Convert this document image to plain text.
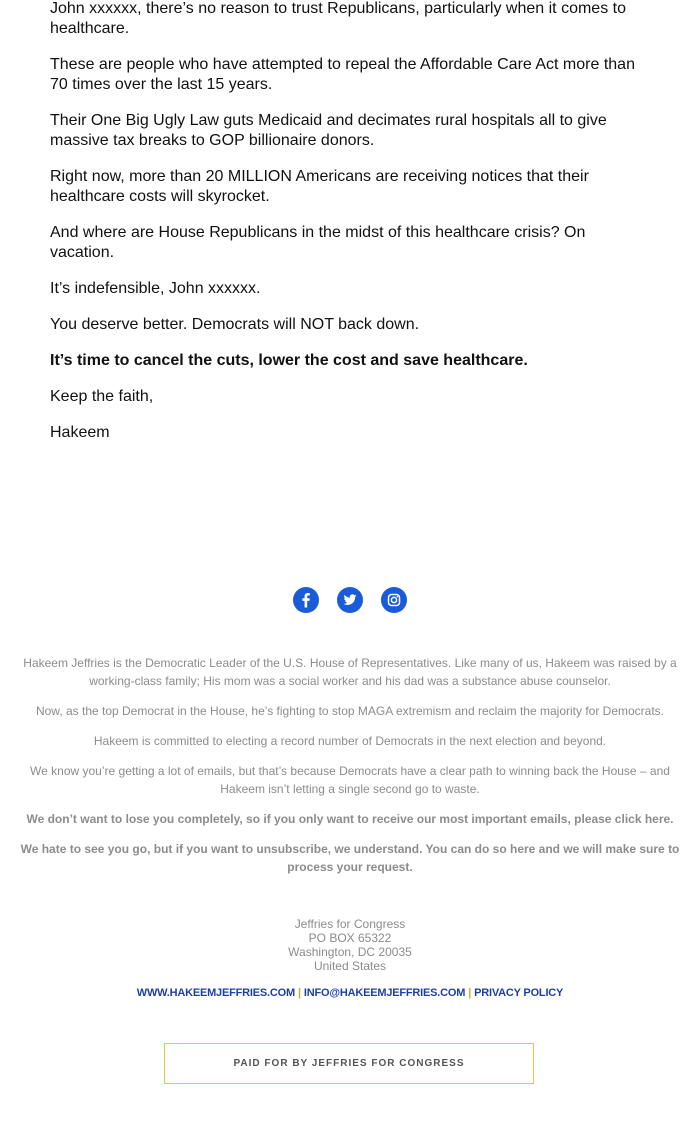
John xxxxxx, there’s no reason to trust Republicans, particularly when it comes to healthcare.

These are people who have attempted to repeal the Affordable Care Act more than 70 times over the last 15 years.

Their One Big Ugly Law guts Medicaid and decimates rural hospitals all to give massive tax breaks to GOP billionaire donors.

Right now, more than 20 MILLION Americans are receiving notices that their healthcare costs will skyrocket.

And where are House Republicans in the midst of this healthcare crisis? On vacation.

It’s indefensible, John xxxxxx.

You deserve better. Democrats will NOT back down.

It’s time to cancel the cuts, lower the cost and save healthcare.

Keep the faith,

Hakeem

Hakeem Jeffries is the Democratic Leader of the U.S. House of Representatives. Like many of us, Hakeem was raised by a working-class family; His mom was a social worker and his dad was a substance abuse counselor.

Now, as the top Democrat in the House, he’s fighting to stop MAGA extremism and reclaim the majority for Democrats.

Hakeem is committed to electing a record number of Democrats in the next election and beyond.

We know you’re getting a lot of emails, but that’s because Democrats have a clear path to winning back the House – and Hakeem isn’t letting a single second go to waste.

We don’t want to lose you completely, so if you only want to receive our most important emails, please click here.

We hate to see you go, but if you want to unsubscribe, we understand. You can do so here and we will make sure to process your request.

Jeffries for Congress
PO BOX 65322
Washington, DC 20035
United States
WWW.HAKEEMJEFFRIES.COM | INFO@HAKEEMJEFFRIES.COM | PRIVACY POLICY
PAID FOR BY JEFFRIES FOR CONGRESS
